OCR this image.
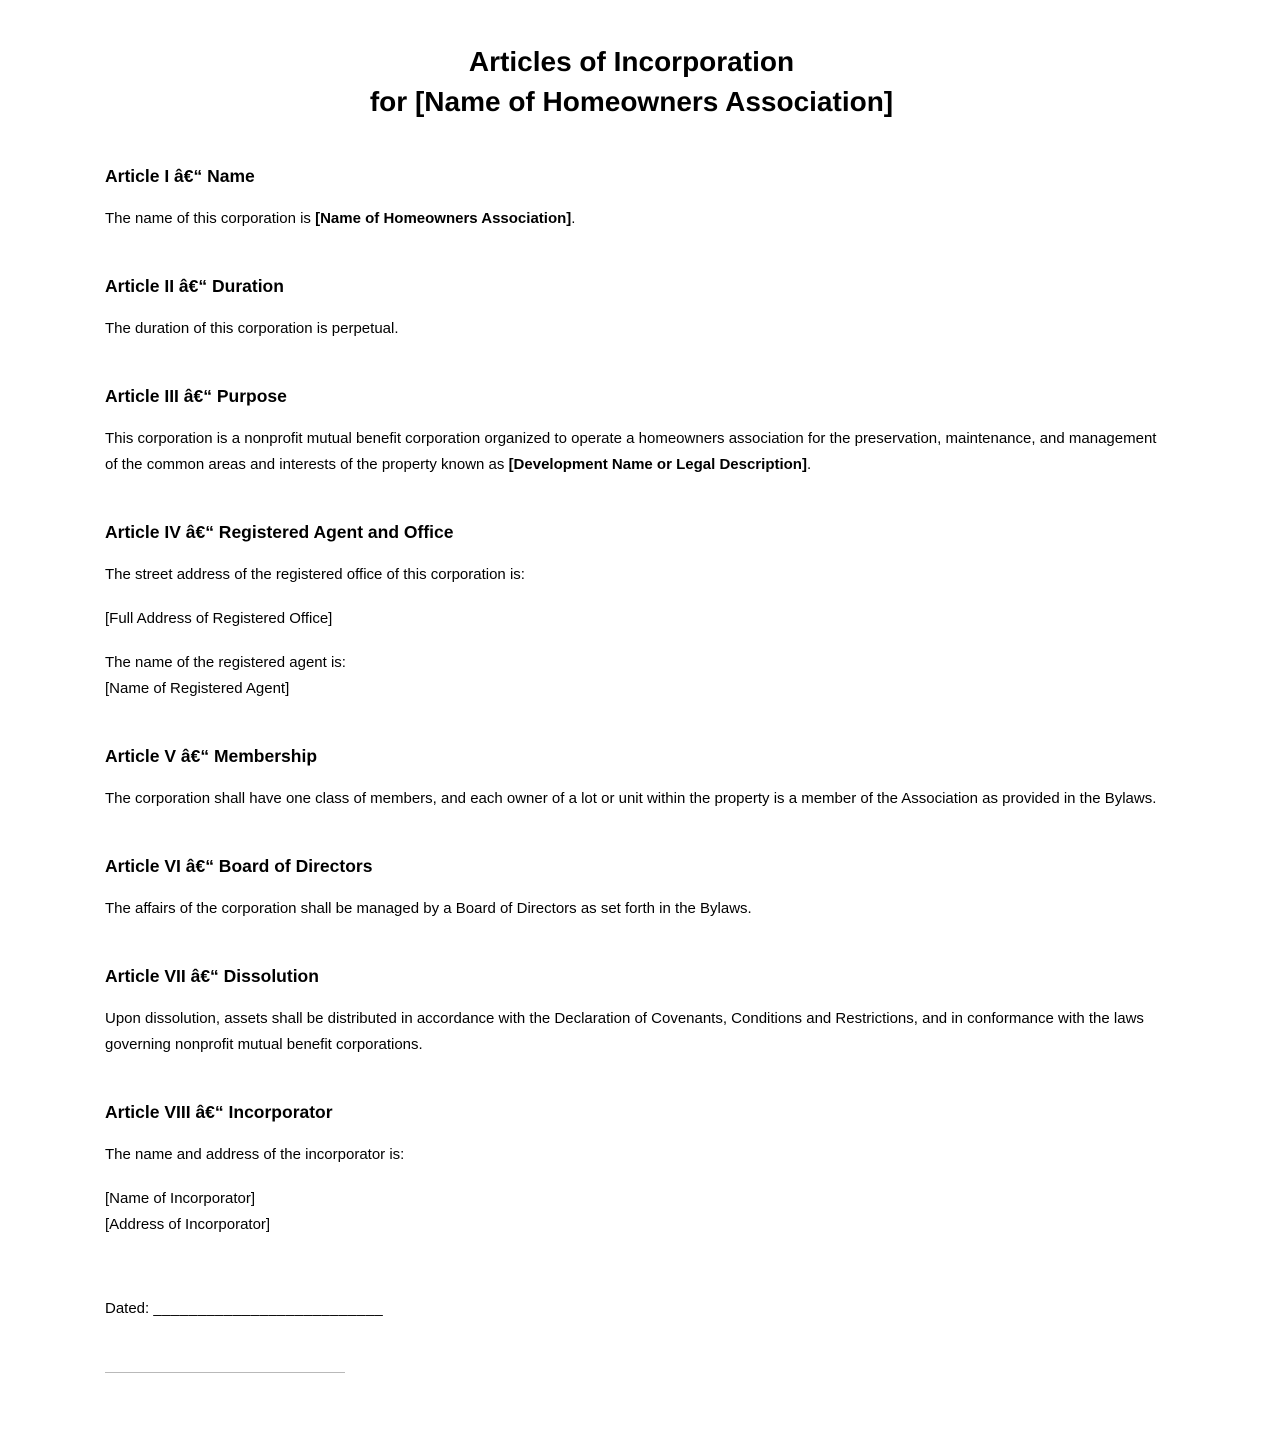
Articles of Incorporation
for [Name of Homeowners Association]
Article I â€“ Name

The name of this corporation is [Name of Homeowners Association].

Article II â€“ Duration

The duration of this corporation is perpetual.

Article III â€“ Purpose

This corporation is a nonprofit mutual benefit corporation organized to operate a homeowners association for the preservation, maintenance, and management of the common areas and interests of the property known as [Development Name or Legal Description].

Article IV â€“ Registered Agent and Office

The street address of the registered office of this corporation is:

[Full Address of Registered Office]

The name of the registered agent is:
[Name of Registered Agent]

Article V â€“ Membership

The corporation shall have one class of members, and each owner of a lot or unit within the property is a member of the Association as provided in the Bylaws.

Article VI â€“ Board of Directors

The affairs of the corporation shall be managed by a Board of Directors as set forth in the Bylaws.

Article VII â€“ Dissolution

Upon dissolution, assets shall be distributed in accordance with the Declaration of Covenants, Conditions and Restrictions, and in conformance with the laws governing nonprofit mutual benefit corporations.

Article VIII â€“ Incorporator

The name and address of the incorporator is:

[Name of Incorporator]
[Address of Incorporator]

Dated: __________________________
